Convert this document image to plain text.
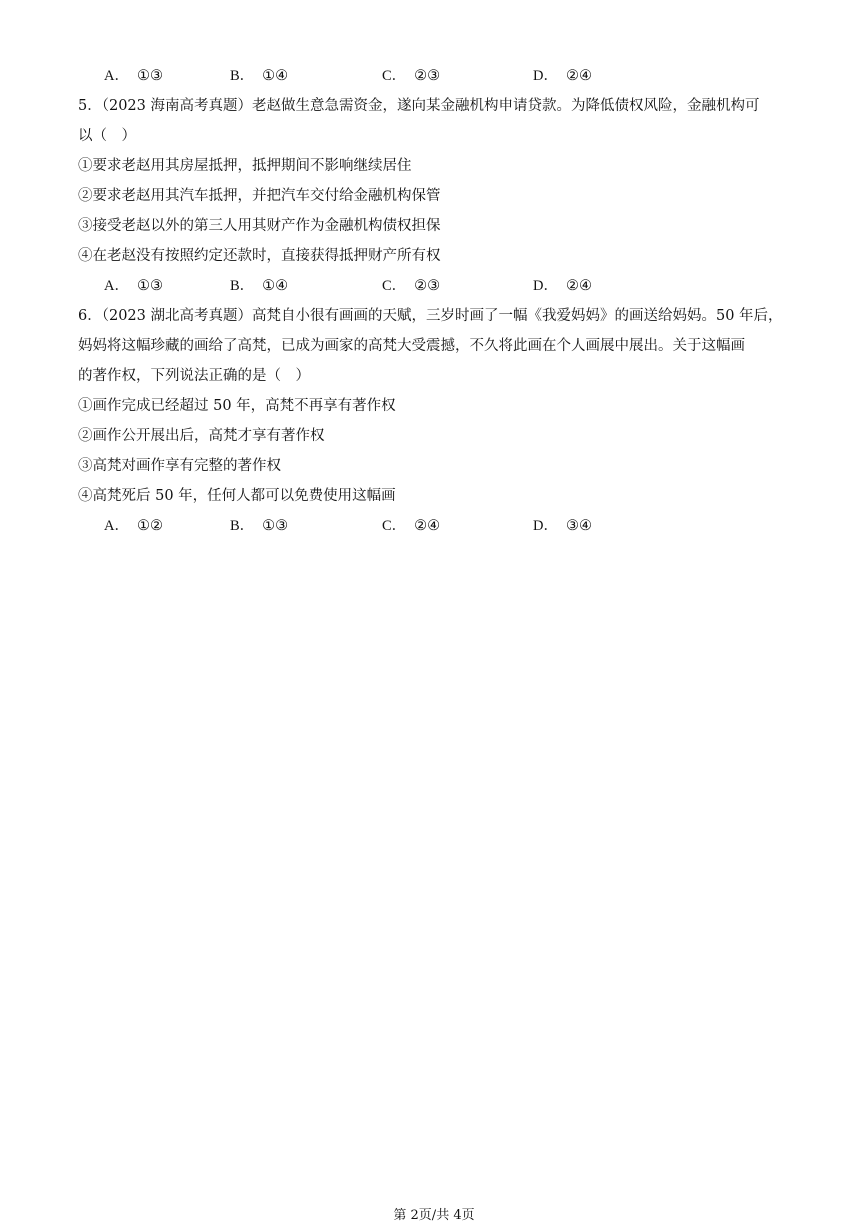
A． ①③	B． ①④	C． ②③	D． ②④
5．（2023 海南高考真题）老赵做生意急需资金，遂向某金融机构申请贷款。为降低债权风险，金融机构可
以（　）
①要求老赵用其房屋抵押，抵押期间不影响继续居住
②要求老赵用其汽车抵押，并把汽车交付给金融机构保管
③接受老赵以外的第三人用其财产作为金融机构债权担保
④在老赵没有按照约定还款时，直接获得抵押财产所有权
A． ①③	B． ①④	C． ②③	D． ②④
6．（2023 湖北高考真题）高梵自小很有画画的天赋，三岁时画了一幅《我爱妈妈》的画送给妈妈。50 年后，
妈妈将这幅珍藏的画给了高梵，已成为画家的高梵大受震撼，不久将此画在个人画展中展出。关于这幅画
的著作权，下列说法正确的是（　）
①画作完成已经超过 50 年，高梵不再享有著作权
②画作公开展出后，高梵才享有著作权
③高梵对画作享有完整的著作权
④高梵死后 50 年，任何人都可以免费使用这幅画
A． ①②	B． ①③	C． ②④	D． ③④
第 2页/共 4页
